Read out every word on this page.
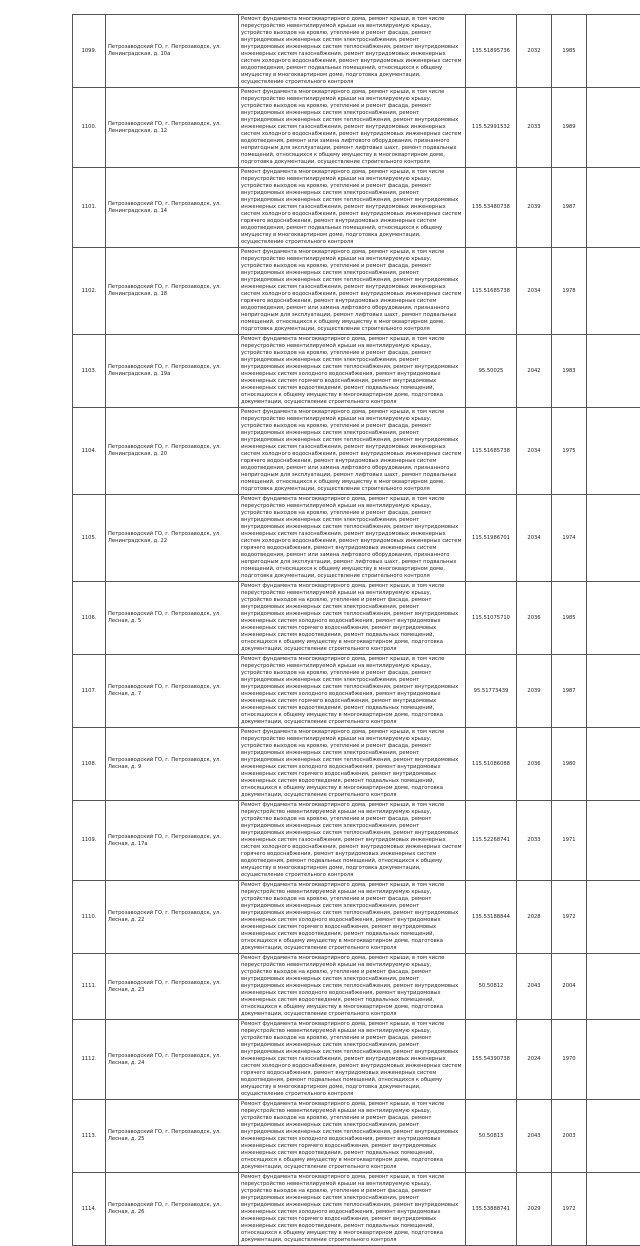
1099.	Петрозаводский ГО, г. Петрозаводск, ул. Ленинградская, д. 10а	Ремонт фундамента многоквартирного дома, ремонт крыши, в том числе переустройство невентилируемой крыши на вентилируемую крышу, устройство выходов на кровлю, утепление и ремонт фасада, ремонт внутридомовых инженерных систем электроснабжения, ремонт внутридомовых инженерных систем теплоснабжения, ремонт внутридомовых инженерных систем газоснабжения, ремонт внутридомовых инженерных систем холодного водоснабжения, ремонт внутридомовых инженерных систем водоотведения, ремонт подвальных помещений, относящихся к общему имуществу в многоквартирном доме, подготовка документации, осуществление строительного контроля	135.51895736	2032	1985	
1100.	Петрозаводский ГО, г. Петрозаводск, ул. Ленинградская, д. 12	Ремонт фундамента многоквартирного дома, ремонт крыши, в том числе переустройство невентилируемой крыши на вентилируемую крышу, устройство выходов на кровлю, утепление и ремонт фасада, ремонт внутридомовых инженерных систем электроснабжения, ремонт внутридомовых инженерных систем теплоснабжения, ремонт внутридомовых инженерных систем газоснабжения, ремонт внутридомовых инженерных систем холодного водоснабжения, ремонт внутридомовых инженерных систем водоотведения, ремонт или замена лифтового оборудования, признанного непригодным для эксплуатации, ремонт лифтовых шахт, ремонт подвальных помещений, относящихся к общему имуществу в многоквартирном доме, подготовка документации, осуществление строительного контроля	115.52991532	2033	1989	
1101.	Петрозаводский ГО, г. Петрозаводск, ул. Ленинградская, д. 14	Ремонт фундамента многоквартирного дома, ремонт крыши, в том числе переустройство невентилируемой крыши на вентилируемую крышу, устройство выходов на кровлю, утепление и ремонт фасада, ремонт внутридомовых инженерных систем электроснабжения, ремонт внутридомовых инженерных систем теплоснабжения, ремонт внутридомовых инженерных систем газоснабжения, ремонт внутридомовых инженерных систем холодного водоснабжения, ремонт внутридомовых инженерных систем горячего водоснабжения, ремонт внутридомовых инженерных систем водоотведения, ремонт подвальных помещений, относящихся к общему имуществу в многоквартирном доме, подготовка документации, осуществление строительного контроля	135.53480738	2039	1987	
1102.	Петрозаводский ГО, г. Петрозаводск, ул. Ленинградская, д. 18	Ремонт фундамента многоквартирного дома, ремонт крыши, в том числе переустройство невентилируемой крыши на вентилируемую крышу, устройство выходов на кровлю, утепление и ремонт фасада, ремонт внутридомовых инженерных систем электроснабжения, ремонт внутридомовых инженерных систем теплоснабжения, ремонт внутридомовых инженерных систем газоснабжения, ремонт внутридомовых инженерных систем холодного водоснабжения, ремонт внутридомовых инженерных систем горячего водоснабжения, ремонт внутридомовых инженерных систем водоотведения, ремонт или замена лифтового оборудования, признанного непригодным для эксплуатации, ремонт лифтовых шахт, ремонт подвальных помещений, относящихся к общему имуществу в многоквартирном доме, подготовка документации, осуществление строительного контроля	115.51685738	2034	1978	
1103.	Петрозаводский ГО, г. Петрозаводск, ул. Ленинградская, д. 19а	Ремонт фундамента многоквартирного дома, ремонт крыши, в том числе переустройство невентилируемой крыши на вентилируемую крышу, устройство выходов на кровлю, утепление и ремонт фасада, ремонт внутридомовых инженерных систем электроснабжения, ремонт внутридомовых инженерных систем теплоснабжения, ремонт внутридомовых инженерных систем холодного водоснабжения, ремонт внутридомовых инженерных систем горячего водоснабжения, ремонт внутридомовых инженерных систем водоотведения, ремонт подвальных помещений, относящихся к общему имуществу в многоквартирном доме, подготовка документации, осуществление строительного контроля	95.50025	2042	1983	
1104.	Петрозаводский ГО, г. Петрозаводск, ул. Ленинградская, д. 20	Ремонт фундамента многоквартирного дома, ремонт крыши, в том числе переустройство невентилируемой крыши на вентилируемую крышу, устройство выходов на кровлю, утепление и ремонт фасада, ремонт внутридомовых инженерных систем электроснабжения, ремонт внутридомовых инженерных систем теплоснабжения, ремонт внутридомовых инженерных систем газоснабжения, ремонт внутридомовых инженерных систем холодного водоснабжения, ремонт внутридомовых инженерных систем горячего водоснабжения, ремонт внутридомовых инженерных систем водоотведения, ремонт или замена лифтового оборудования, признанного непригодным для эксплуатации, ремонт лифтовых шахт, ремонт подвальных помещений, относящихся к общему имуществу в многоквартирном доме, подготовка документации, осуществление строительного контроля	115.51685738	2034	1975	
1105.	Петрозаводский ГО, г. Петрозаводск, ул. Ленинградская, д. 22	Ремонт фундамента многоквартирного дома, ремонт крыши, в том числе переустройство невентилируемой крыши на вентилируемую крышу, устройство выходов на кровлю, утепление и ремонт фасада, ремонт внутридомовых инженерных систем электроснабжения, ремонт внутридомовых инженерных систем теплоснабжения, ремонт внутридомовых инженерных систем газоснабжения, ремонт внутридомовых инженерных систем холодного водоснабжения, ремонт внутридомовых инженерных систем горячего водоснабжения, ремонт внутридомовых инженерных систем водоотведения, ремонт или замена лифтового оборудования, признанного непригодным для эксплуатации, ремонт лифтовых шахт, ремонт подвальных помещений, относящихся к общему имуществу в многоквартирном доме, подготовка документации, осуществление строительного контроля	115.51986701	2034	1974	
1106.	Петрозаводский ГО, г. Петрозаводск, ул. Лесная, д. 5	Ремонт фундамента многоквартирного дома, ремонт крыши, в том числе переустройство невентилируемой крыши на вентилируемую крышу, устройство выходов на кровлю, утепление и ремонт фасада, ремонт внутридомовых инженерных систем электроснабжения, ремонт внутридомовых инженерных систем теплоснабжения, ремонт внутридомовых инженерных систем холодного водоснабжения, ремонт внутридомовых инженерных систем горячего водоснабжения, ремонт внутридомовых инженерных систем водоотведения, ремонт подвальных помещений, относящихся к общему имуществу в многоквартирном доме, подготовка документации, осуществление строительного контроля	115.51075710	2036	1985	
1107.	Петрозаводский ГО, г. Петрозаводск, ул. Лесная, д. 7	Ремонт фундамента многоквартирного дома, ремонт крыши, в том числе переустройство невентилируемой крыши на вентилируемую крышу, устройство выходов на кровлю, утепление и ремонт фасада, ремонт внутридомовых инженерных систем электроснабжения, ремонт внутридомовых инженерных систем теплоснабжения, ремонт внутридомовых инженерных систем холодного водоснабжения, ремонт внутридомовых инженерных систем горячего водоснабжения, ремонт внутридомовых инженерных систем водоотведения, ремонт подвальных помещений, относящихся к общему имуществу в многоквартирном доме, подготовка документации, осуществление строительного контроля	95.51773439	2039	1987	
1108.	Петрозаводский ГО, г. Петрозаводск, ул. Лесная, д. 9	Ремонт фундамента многоквартирного дома, ремонт крыши, в том числе переустройство невентилируемой крыши на вентилируемую крышу, устройство выходов на кровлю, утепление и ремонт фасада, ремонт внутридомовых инженерных систем электроснабжения, ремонт внутридомовых инженерных систем теплоснабжения, ремонт внутридомовых инженерных систем холодного водоснабжения, ремонт внутридомовых инженерных систем горячего водоснабжения, ремонт внутридомовых инженерных систем водоотведения, ремонт подвальных помещений, относящихся к общему имуществу в многоквартирном доме, подготовка документации, осуществление строительного контроля	115.51086088	2036	1980	
1109.	Петрозаводский ГО, г. Петрозаводск, ул. Лесная, д. 17а	Ремонт фундамента многоквартирного дома, ремонт крыши, в том числе переустройство невентилируемой крыши на вентилируемую крышу, устройство выходов на кровлю, утепление и ремонт фасада, ремонт внутридомовых инженерных систем электроснабжения, ремонт внутридомовых инженерных систем теплоснабжения, ремонт внутридомовых инженерных систем газоснабжения, ремонт внутридомовых инженерных систем холодного водоснабжения, ремонт внутридомовых инженерных систем горячего водоснабжения, ремонт внутридомовых инженерных систем водоотведения, ремонт подвальных помещений, относящихся к общему имуществу в многоквартирном доме, подготовка документации, осуществление строительного контроля	115.52268741	2033	1971	
1110.	Петрозаводский ГО, г. Петрозаводск, ул. Лесная, д. 22	Ремонт фундамента многоквартирного дома, ремонт крыши, в том числе переустройство невентилируемой крыши на вентилируемую крышу, устройство выходов на кровлю, утепление и ремонт фасада, ремонт внутридомовых инженерных систем электроснабжения, ремонт внутридомовых инженерных систем теплоснабжения, ремонт внутридомовых инженерных систем холодного водоснабжения, ремонт внутридомовых инженерных систем горячего водоснабжения, ремонт внутридомовых инженерных систем водоотведения, ремонт подвальных помещений, относящихся к общему имуществу в многоквартирном доме, подготовка документации, осуществление строительного контроля	135.53188844	2028	1972	
1111.	Петрозаводский ГО, г. Петрозаводск, ул. Лесная, д. 23	Ремонт фундамента многоквартирного дома, ремонт крыши, в том числе переустройство невентилируемой крыши на вентилируемую крышу, устройство выходов на кровлю, утепление и ремонт фасада, ремонт внутридомовых инженерных систем электроснабжения, ремонт внутридомовых инженерных систем теплоснабжения, ремонт внутридомовых инженерных систем холодного водоснабжения, ремонт внутридомовых инженерных систем водоотведения, ремонт подвальных помещений, относящихся к общему имуществу в многоквартирном доме, подготовка документации, осуществление строительного контроля	50.50812	2043	2004	
1112.	Петрозаводский ГО, г. Петрозаводск, ул. Лесная, д. 24	Ремонт фундамента многоквартирного дома, ремонт крыши, в том числе переустройство невентилируемой крыши на вентилируемую крышу, устройство выходов на кровлю, утепление и ремонт фасада, ремонт внутридомовых инженерных систем электроснабжения, ремонт внутридомовых инженерных систем теплоснабжения, ремонт внутридомовых инженерных систем газоснабжения, ремонт внутридомовых инженерных систем холодного водоснабжения, ремонт внутридомовых инженерных систем горячего водоснабжения, ремонт внутридомовых инженерных систем водоотведения, ремонт подвальных помещений, относящихся к общему имуществу в многоквартирном доме, подготовка документации, осуществление строительного контроля	155.54390738	2024	1970	
1113.	Петрозаводский ГО, г. Петрозаводск, ул. Лесная, д. 25	Ремонт фундамента многоквартирного дома, ремонт крыши, в том числе переустройство невентилируемой крыши на вентилируемую крышу, устройство выходов на кровлю, утепление и ремонт фасада, ремонт внутридомовых инженерных систем электроснабжения, ремонт внутридомовых инженерных систем теплоснабжения, ремонт внутридомовых инженерных систем холодного водоснабжения, ремонт внутридомовых инженерных систем горячего водоснабжения, ремонт внутридомовых инженерных систем водоотведения, ремонт подвальных помещений, относящихся к общему имуществу в многоквартирном доме, подготовка документации, осуществление строительного контроля	50.50813	2043	2003	
1114.	Петрозаводский ГО, г. Петрозаводск, ул. Лесная, д. 26	Ремонт фундамента многоквартирного дома, ремонт крыши, в том числе переустройство невентилируемой крыши на вентилируемую крышу, устройство выходов на кровлю, утепление и ремонт фасада, ремонт внутридомовых инженерных систем электроснабжения, ремонт внутридомовых инженерных систем теплоснабжения, ремонт внутридомовых инженерных систем холодного водоснабжения, ремонт внутридомовых инженерных систем горячего водоснабжения, ремонт внутридомовых инженерных систем водоотведения, ремонт подвальных помещений, относящихся к общему имуществу в многоквартирном доме, подготовка документации, осуществление строительного контроля	135.53888741	2029	1972	
